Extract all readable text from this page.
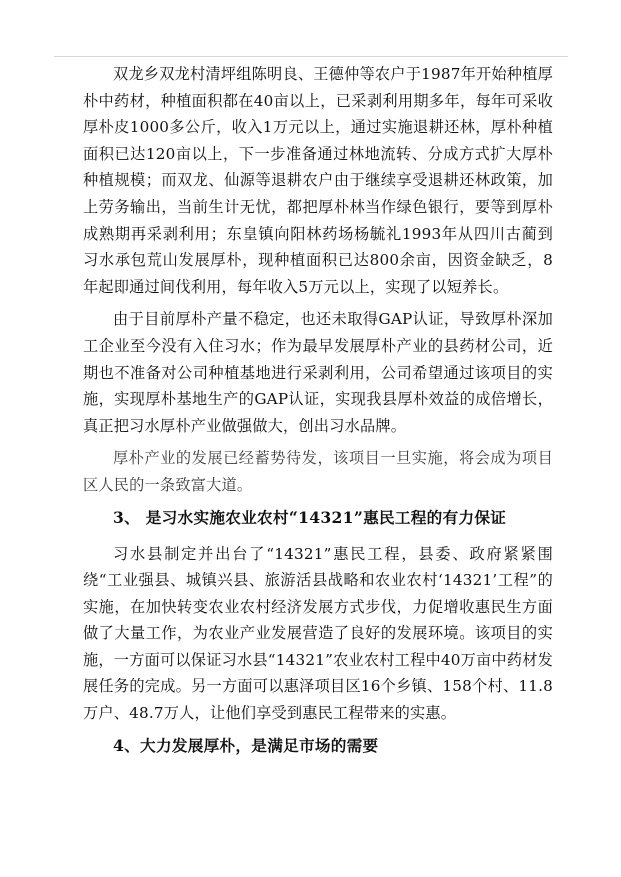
双龙乡双龙村清坪组陈明良、王德仲等农户于1987年开始种植厚朴中药材，种植面积都在40亩以上，已采剥利用期多年，每年可采收厚朴皮1000多公斤，收入1万元以上，通过实施退耕还林，厚朴种植面积已达120亩以上，下一步准备通过林地流转、分成方式扩大厚朴种植规模；而双龙、仙源等退耕农户由于继续享受退耕还林政策，加上劳务输出，当前生计无忧，都把厚朴林当作绿色银行，要等到厚朴成熟期再采剥利用；东皇镇向阳林药场杨毓礼1993年从四川古蔺到习水承包荒山发展厚朴，现种植面积已达800余亩，因资金缺乏，8年起即通过间伐利用，每年收入5万元以上，实现了以短养长。

由于目前厚朴产量不稳定，也还未取得GAP认证，导致厚朴深加工企业至今没有入住习水；作为最早发展厚朴产业的县药材公司，近期也不准备对公司种植基地进行采剥利用，公司希望通过该项目的实施，实现厚朴基地生产的GAP认证，实现我县厚朴效益的成倍增长，真正把习水厚朴产业做强做大，创出习水品牌。

厚朴产业的发展已经蓄势待发，该项目一旦实施，将会成为项目区人民的一条致富大道。

3、 是习水实施农业农村“14321”惠民工程的有力保证

习水县制定并出台了“14321”惠民工程，县委、政府紧紧围绕“工业强县、城镇兴县、旅游活县战略和农业农村‘14321’工程”的实施，在加快转变农业农村经济发展方式步伐，力促增收惠民生方面做了大量工作，为农业产业发展营造了良好的发展环境。该项目的实施，一方面可以保证习水县“14321”农业农村工程中40万亩中药材发展任务的完成。另一方面可以惠泽项目区16个乡镇、158个村、11.8万户、48.7万人，让他们享受到惠民工程带来的实惠。

4、大力发展厚朴，是满足市场的需要
